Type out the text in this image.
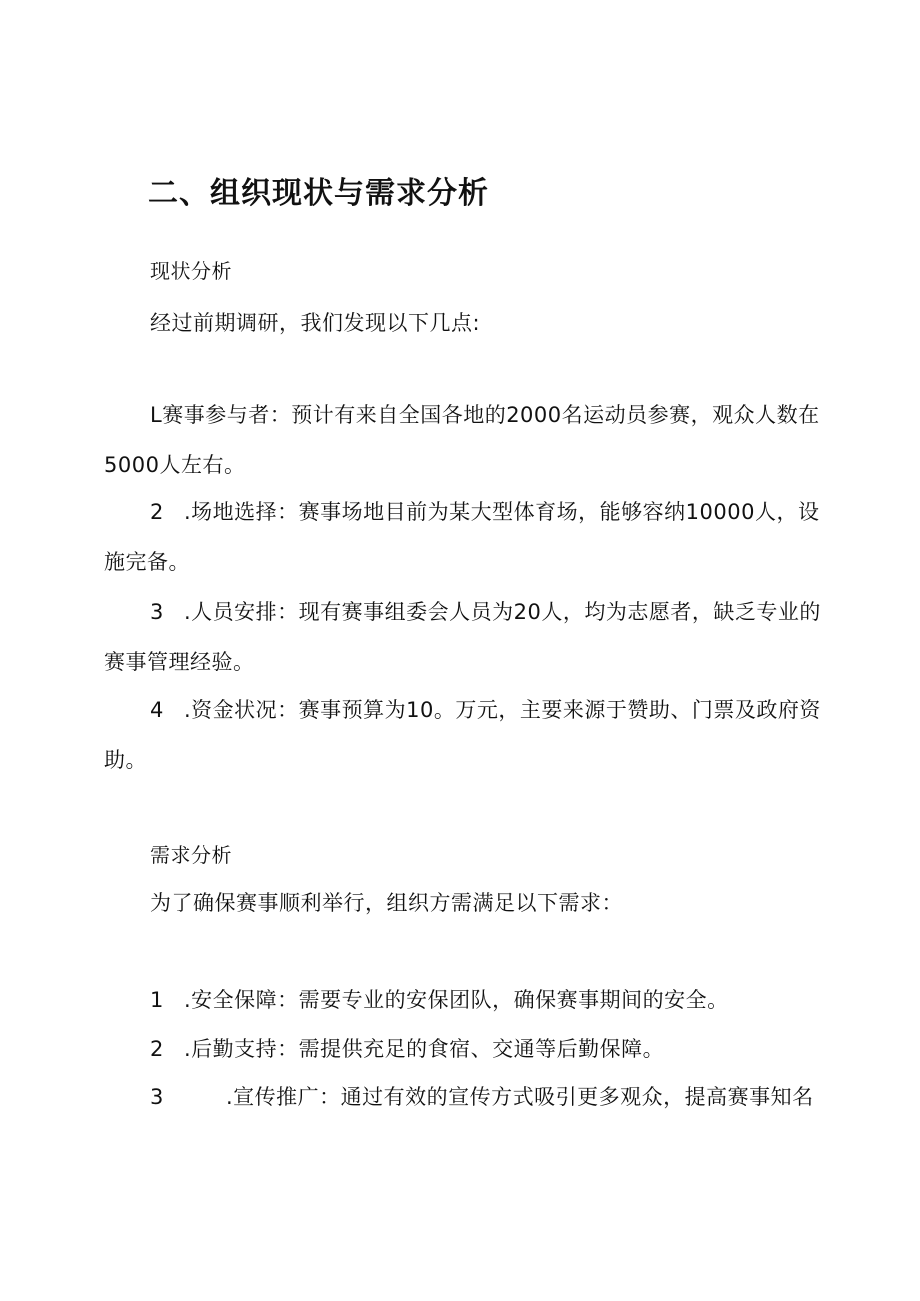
二、组织现状与需求分析
现状分析
经过前期调研，我们发现以下几点:
L赛事参与者：预计有来自全国各地的2000名运动员参赛，观众人数在
5000人左右。
2 .场地选择：赛事场地目前为某大型体育场，能够容纳10000人，设
施完备。
3 .人员安排：现有赛事组委会人员为20人，均为志愿者，缺乏专业的
赛事管理经验。
4 .资金状况：赛事预算为10。万元，主要来源于赞助、门票及政府资
助。
需求分析
为了确保赛事顺利举行，组织方需满足以下需求：
1 .安全保障：需要专业的安保团队，确保赛事期间的安全。
2 .后勤支持：需提供充足的食宿、交通等后勤保障。
3	.宣传推广：通过有效的宣传方式吸引更多观众，提高赛事知名
